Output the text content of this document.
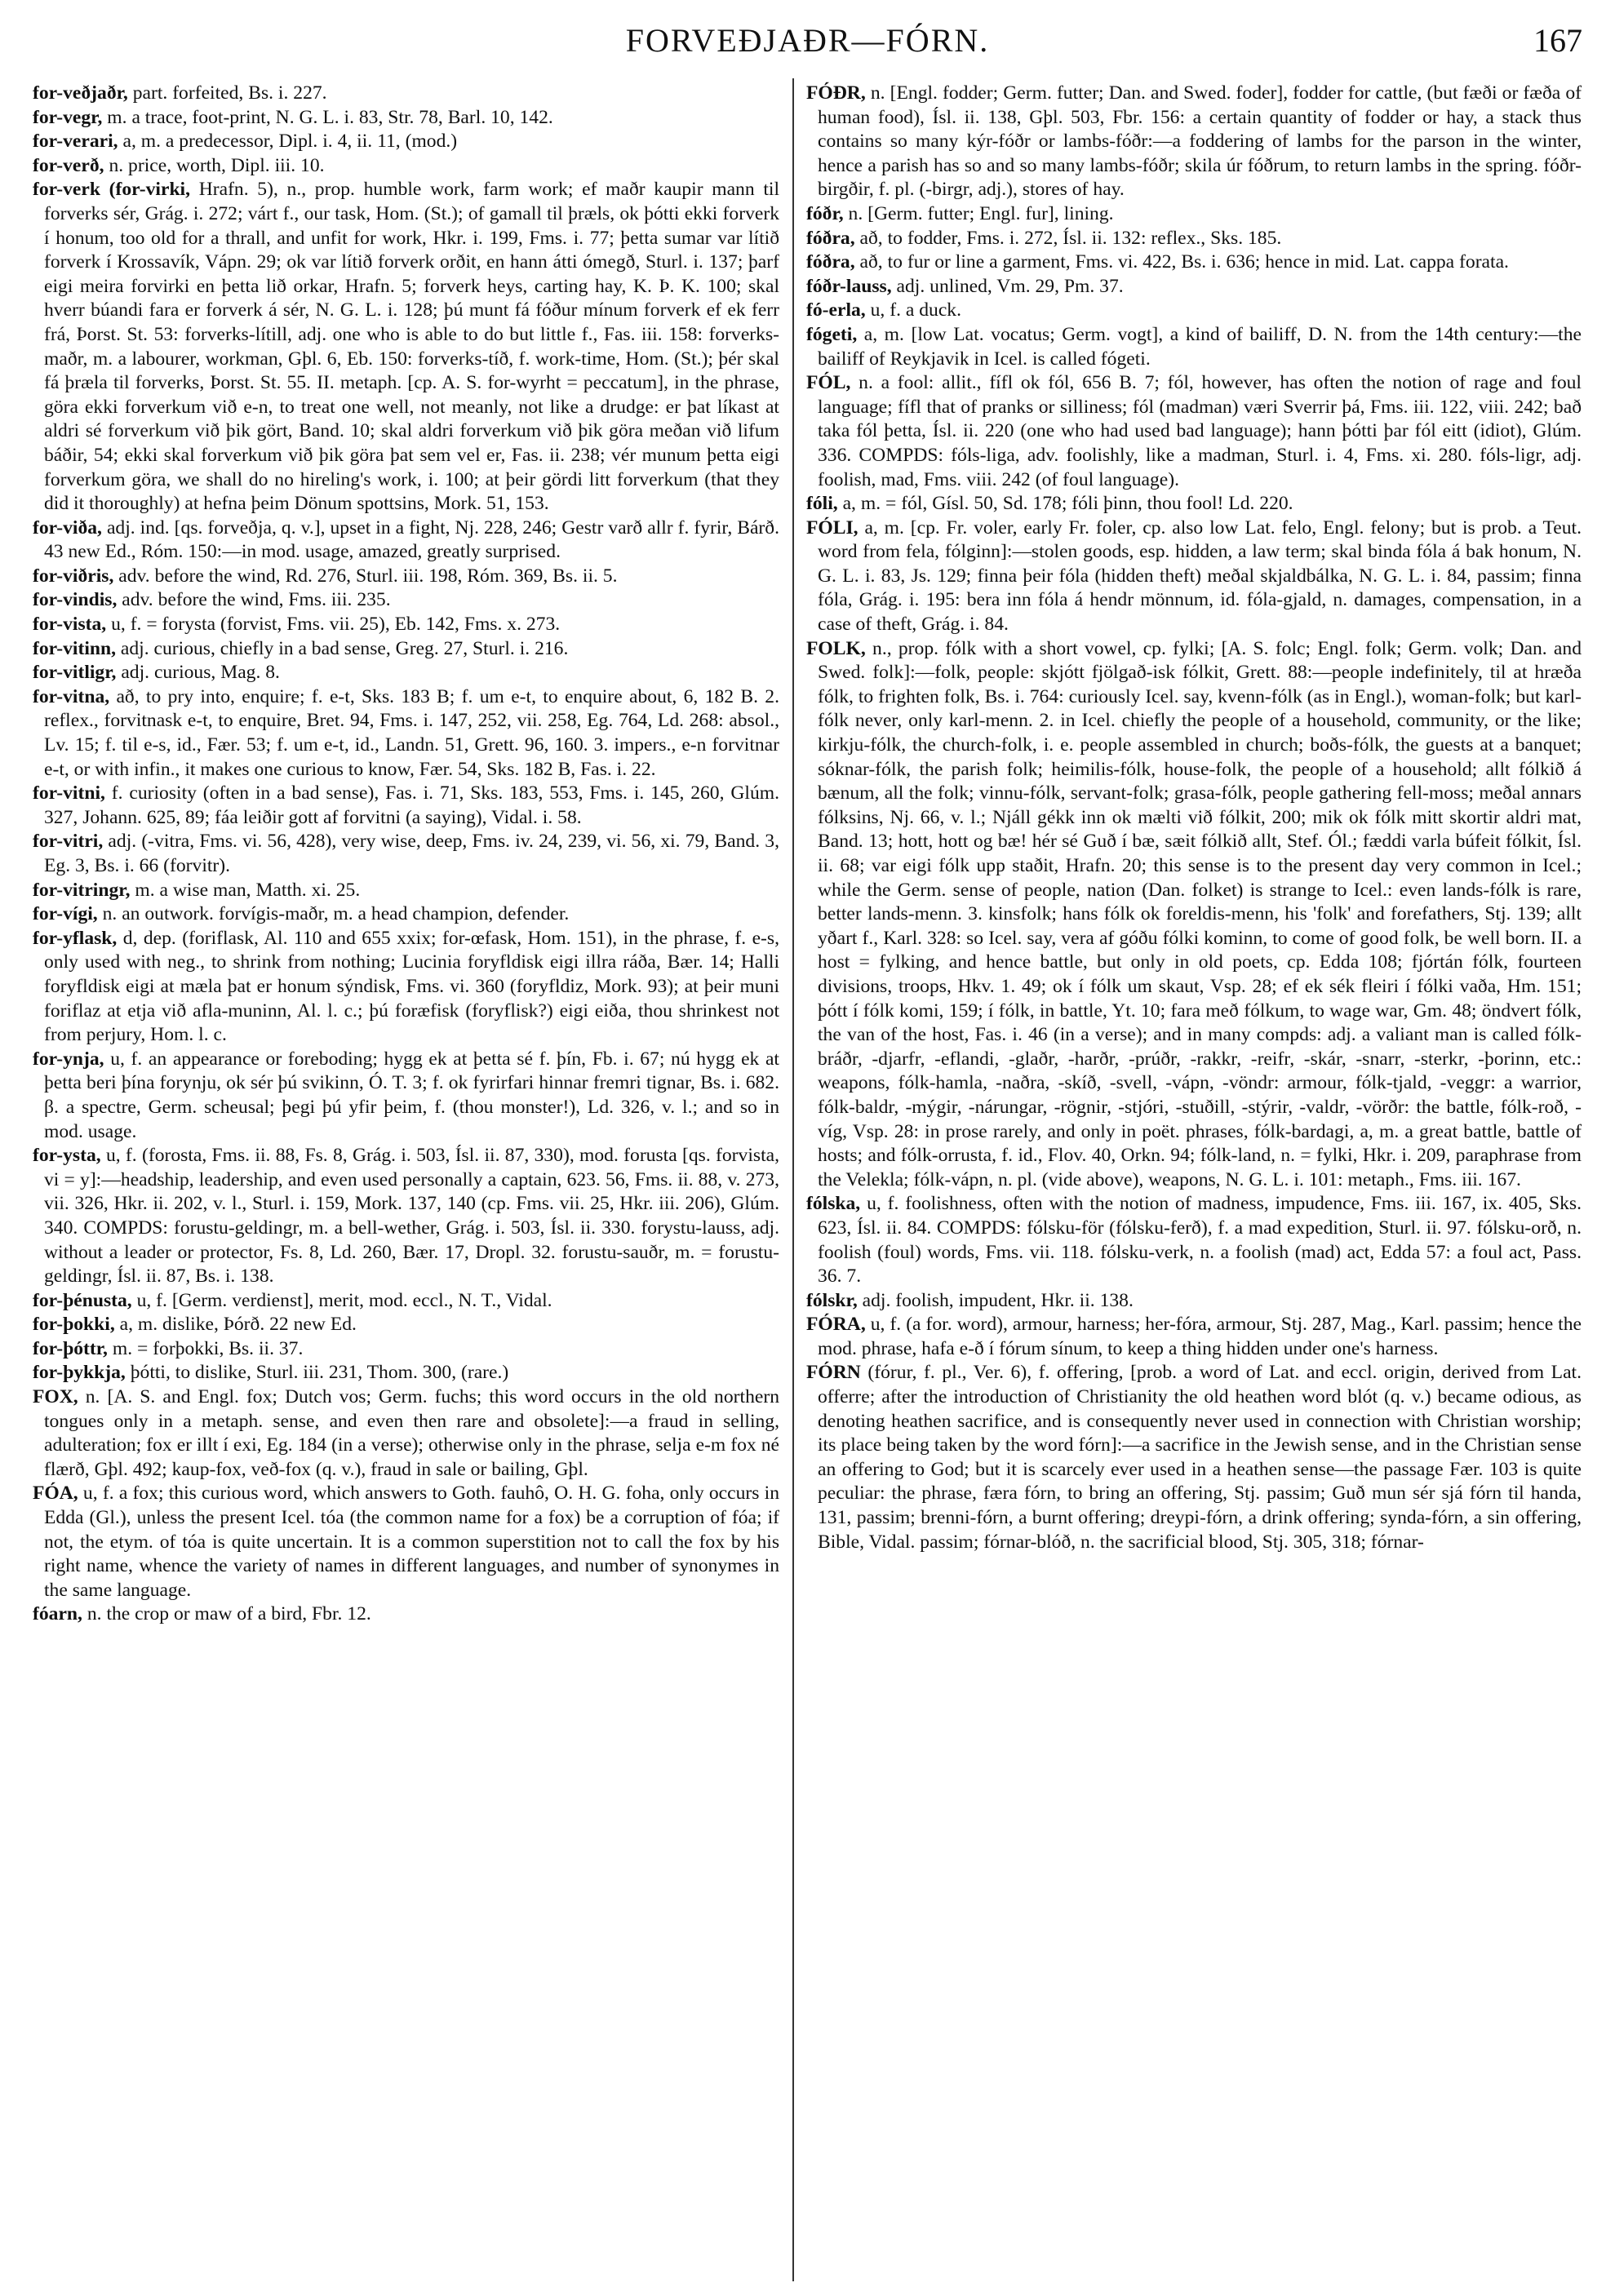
FORVEÐJAÐR—FÓRN.	167

for-veðjaðr, part. forfeited, Bs. i. 227.

for-vegr, m. a trace, foot-print, N. G. L. i. 83, Str. 78, Barl. 10, 142.

for-verari, a, m. a predecessor, Dipl. i. 4, ii. 11, (mod.)

for-verð, n. price, worth, Dipl. iii. 10.

for-verk (for-virki, Hrafn. 5), n., prop. humble work, farm work; ef maðr kaupir mann til forverks sér, Grág. i. 272; várt f., our task, Hom. (St.); of gamall til þræls, ok þótti ekki forverk í honum, too old for a thrall, and unfit for work, Hkr. i. 199, Fms. i. 77; þetta sumar var lítið forverk í Krossavík, Vápn. 29; ok var lítið forverk orðit, en hann átti ómegð, Sturl. i. 137; þarf eigi meira forvirki en þetta lið orkar, Hrafn. 5; forverk heys, carting hay, K. Þ. K. 100; skal hverr búandi fara er forverk á sér, N. G. L. i. 128; þú munt fá fóður mínum forverk ef ek ferr frá, Þorst. St. 53: forverks-lítill, adj. one who is able to do but little f., Fas. iii. 158: forverks-maðr, m. a labourer, workman, Gþl. 6, Eb. 150: forverks-tíð, f. work-time, Hom. (St.); þér skal fá þræla til forverks, Þorst. St. 55. II. metaph. [cp. A. S. for-wyrht = peccatum], in the phrase, göra ekki forverkum við e-n, to treat one well, not meanly, not like a drudge: er þat líkast at aldri sé forverkum við þik gört, Band. 10; skal aldri forverkum við þik göra meðan við lifum báðir, 54; ekki skal forverkum við þik göra þat sem vel er, Fas. ii. 238; vér munum þetta eigi forverkum göra, we shall do no hireling's work, i. 100; at þeir gördi litt forverkum (that they did it thoroughly) at hefna þeim Dönum spottsins, Mork. 51, 153.

for-viða, adj. ind. [qs. forveðja, q. v.], upset in a fight, Nj. 228, 246; Gestr varð allr f. fyrir, Bárð. 43 new Ed., Róm. 150:—in mod. usage, amazed, greatly surprised.

for-viðris, adv. before the wind, Rd. 276, Sturl. iii. 198, Róm. 369, Bs. ii. 5.

for-vindis, adv. before the wind, Fms. iii. 235.

for-vista, u, f. = forysta (forvist, Fms. vii. 25), Eb. 142, Fms. x. 273.

for-vitinn, adj. curious, chiefly in a bad sense, Greg. 27, Sturl. i. 216.

for-vitligr, adj. curious, Mag. 8.

for-vitna, að, to pry into, enquire; f. e-t, Sks. 183 B; f. um e-t, to enquire about, 6, 182 B. 2. reflex., forvitnask e-t, to enquire, Bret. 94, Fms. i. 147, 252, vii. 258, Eg. 764, Ld. 268: absol., Lv. 15; f. til e-s, id., Fær. 53; f. um e-t, id., Landn. 51, Grett. 96, 160. 3. impers., e-n forvitnar e-t, or with infin., it makes one curious to know, Fær. 54, Sks. 182 B, Fas. i. 22.

for-vitni, f. curiosity (often in a bad sense), Fas. i. 71, Sks. 183, 553, Fms. i. 145, 260, Glúm. 327, Johann. 625, 89; fáa leiðir gott af forvitni (a saying), Vidal. i. 58.

for-vitri, adj. (-vitra, Fms. vi. 56, 428), very wise, deep, Fms. iv. 24, 239, vi. 56, xi. 79, Band. 3, Eg. 3, Bs. i. 66 (forvitr).

for-vitringr, m. a wise man, Matth. xi. 25.

for-vígi, n. an outwork. forvígis-maðr, m. a head champion, defender.

for-yflask, d, dep. (foriflask, Al. 110 and 655 xxix; for-œfask, Hom. 151), in the phrase, f. e-s, only used with neg., to shrink from nothing; Lucinia foryfldisk eigi illra ráða, Bær. 14; Halli foryfldisk eigi at mæla þat er honum sýndisk, Fms. vi. 360 (foryfldiz, Mork. 93); at þeir muni foriflaz at etja við afla-muninn, Al. l. c.; þú foræfisk (foryflisk?) eigi eiða, thou shrinkest not from perjury, Hom. l. c.

for-ynja, u, f. an appearance or foreboding; hygg ek at þetta sé f. þín, Fb. i. 67; nú hygg ek at þetta beri þína forynju, ok sér þú svikinn, Ó. T. 3; f. ok fyrirfari hinnar fremri tignar, Bs. i. 682. β. a spectre, Germ. scheusal; þegi þú yfir þeim, f. (thou monster!), Ld. 326, v. l.; and so in mod. usage.

for-ysta, u, f. (forosta, Fms. ii. 88, Fs. 8, Grág. i. 503, Ísl. ii. 87, 330), mod. forusta [qs. forvista, vi = y]:—headship, leadership, and even used personally a captain, 623. 56, Fms. ii. 88, v. 273, vii. 326, Hkr. ii. 202, v. l., Sturl. i. 159, Mork. 137, 140 (cp. Fms. vii. 25, Hkr. iii. 206), Glúm. 340. COMPDS: forustu-geldingr, m. a bell-wether, Grág. i. 503, Ísl. ii. 330. forystu-lauss, adj. without a leader or protector, Fs. 8, Ld. 260, Bær. 17, Dropl. 32. forustu-sauðr, m. = forustu-geldingr, Ísl. ii. 87, Bs. i. 138.

for-þénusta, u, f. [Germ. verdienst], merit, mod. eccl., N. T., Vidal.

for-þokki, a, m. dislike, Þórð. 22 new Ed.

for-þóttr, m. = forþokki, Bs. ii. 37.

for-þykkja, þótti, to dislike, Sturl. iii. 231, Thom. 300, (rare.)

FOX, n. [A. S. and Engl. fox; Dutch vos; Germ. fuchs; this word occurs in the old northern tongues only in a metaph. sense, and even then rare and obsolete]:—a fraud in selling, adulteration; fox er illt í exi, Eg. 184 (in a verse); otherwise only in the phrase, selja e-m fox né flærð, Gþl. 492; kaup-fox, veð-fox (q. v.), fraud in sale or bailing, Gþl.

FÓA, u, f. a fox; this curious word, which answers to Goth. fauhô, O. H. G. foha, only occurs in Edda (Gl.), unless the present Icel. tóa (the common name for a fox) be a corruption of fóa; if not, the etym. of tóa is quite uncertain. It is a common superstition not to call the fox by his right name, whence the variety of names in different languages, and number of synonymes in the same language.

fóarn, n. the crop or maw of a bird, Fbr. 12.

FÓÐR, n. [Engl. fodder; Germ. futter; Dan. and Swed. foder], fodder for cattle, (but fæði or fæða of human food), Ísl. ii. 138, Gþl. 503, Fbr. 156: a certain quantity of fodder or hay, a stack thus contains so many kýr-fóðr or lambs-fóðr:—a foddering of lambs for the parson in the winter, hence a parish has so and so many lambs-fóðr; skila úr fóðrum, to return lambs in the spring. fóðr-birgðir, f. pl. (-birgr, adj.), stores of hay.

fóðr, n. [Germ. futter; Engl. fur], lining.

fóðra, að, to fodder, Fms. i. 272, Ísl. ii. 132: reflex., Sks. 185.

fóðra, að, to fur or line a garment, Fms. vi. 422, Bs. i. 636; hence in mid. Lat. cappa forata.

fóðr-lauss, adj. unlined, Vm. 29, Pm. 37.

fó-erla, u, f. a duck.

fógeti, a, m. [low Lat. vocatus; Germ. vogt], a kind of bailiff, D. N. from the 14th century:—the bailiff of Reykjavik in Icel. is called fógeti.

FÓL, n. a fool: allit., fífl ok fól, 656 B. 7; fól, however, has often the notion of rage and foul language; fífl that of pranks or silliness; fól (madman) væri Sverrir þá, Fms. iii. 122, viii. 242; bað taka fól þetta, Ísl. ii. 220 (one who had used bad language); hann þótti þar fól eitt (idiot), Glúm. 336. COMPDS: fóls-liga, adv. foolishly, like a madman, Sturl. i. 4, Fms. xi. 280. fóls-ligr, adj. foolish, mad, Fms. viii. 242 (of foul language).

fóli, a, m. = fól, Gísl. 50, Sd. 178; fóli þinn, thou fool! Ld. 220.

FÓLI, a, m. [cp. Fr. voler, early Fr. foler, cp. also low Lat. felo, Engl. felony; but is prob. a Teut. word from fela, fólginn]:—stolen goods, esp. hidden, a law term; skal binda fóla á bak honum, N. G. L. i. 83, Js. 129; finna þeir fóla (hidden theft) meðal skjaldbálka, N. G. L. i. 84, passim; finna fóla, Grág. i. 195: bera inn fóla á hendr mönnum, id. fóla-gjald, n. damages, compensation, in a case of theft, Grág. i. 84.

FOLK, n., prop. fólk with a short vowel, cp. fylki; [A. S. folc; Engl. folk; Germ. volk; Dan. and Swed. folk]:—folk, people: skjótt fjölgað-isk fólkit, Grett. 88:—people indefinitely, til at hræða fólk, to frighten folk, Bs. i. 764: curiously Icel. say, kvenn-fólk (as in Engl.), woman-folk; but karl-fólk never, only karl-menn. 2. in Icel. chiefly the people of a household, community, or the like; kirkju-fólk, the church-folk, i. e. people assembled in church; boðs-fólk, the guests at a banquet; sóknar-fólk, the parish folk; heimilis-fólk, house-folk, the people of a household; allt fólkið á bænum, all the folk; vinnu-fólk, servant-folk; grasa-fólk, people gathering fell-moss; meðal annars fólksins, Nj. 66, v. l.; Njáll gékk inn ok mælti við fólkit, 200; mik ok fólk mitt skortir aldri mat, Band. 13; hott, hott og bæ! hér sé Guð í bæ, sæit fólkið allt, Stef. Ól.; fæddi varla búfeit fólkit, Ísl. ii. 68; var eigi fólk upp staðit, Hrafn. 20; this sense is to the present day very common in Icel.; while the Germ. sense of people, nation (Dan. folket) is strange to Icel.: even lands-fólk is rare, better lands-menn. 3. kinsfolk; hans fólk ok foreldis-menn, his 'folk' and forefathers, Stj. 139; allt yðart f., Karl. 328: so Icel. say, vera af góðu fólki kominn, to come of good folk, be well born. II. a host = fylking, and hence battle, but only in old poets, cp. Edda 108; fjórtán fólk, fourteen divisions, troops, Hkv. 1. 49; ok í fólk um skaut, Vsp. 28; ef ek sék fleiri í fólki vaða, Hm. 151; þótt í fólk komi, 159; í fólk, in battle, Yt. 10; fara með fólkum, to wage war, Gm. 48; öndvert fólk, the van of the host, Fas. i. 46 (in a verse); and in many compds: adj. a valiant man is called fólk-bráðr, -djarfr, -eflandi, -glaðr, -harðr, -prúðr, -rakkr, -reifr, -skár, -snarr, -sterkr, -þorinn, etc.: weapons, fólk-hamla, -naðra, -skíð, -svell, -vápn, -vöndr: armour, fólk-tjald, -veggr: a warrior, fólk-baldr, -mýgir, -nárungar, -rögnir, -stjóri, -stuðill, -stýrir, -valdr, -vörðr: the battle, fólk-roð, -víg, Vsp. 28: in prose rarely, and only in poët. phrases, fólk-bardagi, a, m. a great battle, battle of hosts; and fólk-orrusta, f. id., Flov. 40, Orkn. 94; fólk-land, n. = fylki, Hkr. i. 209, paraphrase from the Velekla; fólk-vápn, n. pl. (vide above), weapons, N. G. L. i. 101: metaph., Fms. iii. 167.

fólska, u, f. foolishness, often with the notion of madness, impudence, Fms. iii. 167, ix. 405, Sks. 623, Ísl. ii. 84. COMPDS: fólsku-för (fólsku-ferð), f. a mad expedition, Sturl. ii. 97. fólsku-orð, n. foolish (foul) words, Fms. vii. 118. fólsku-verk, n. a foolish (mad) act, Edda 57: a foul act, Pass. 36. 7.

fólskr, adj. foolish, impudent, Hkr. ii. 138.

FÓRA, u, f. (a for. word), armour, harness; her-fóra, armour, Stj. 287, Mag., Karl. passim; hence the mod. phrase, hafa e-ð í fórum sínum, to keep a thing hidden under one's harness.

FÓRN (fórur, f. pl., Ver. 6), f. offering, [prob. a word of Lat. and eccl. origin, derived from Lat. offerre; after the introduction of Christianity the old heathen word blót (q. v.) became odious, as denoting heathen sacrifice, and is consequently never used in connection with Christian worship; its place being taken by the word fórn]:—a sacrifice in the Jewish sense, and in the Christian sense an offering to God; but it is scarcely ever used in a heathen sense—the passage Fær. 103 is quite peculiar: the phrase, færa fórn, to bring an offering, Stj. passim; Guð mun sér sjá fórn til handa, 131, passim; brenni-fórn, a burnt offering; dreypi-fórn, a drink offering; synda-fórn, a sin offering, Bible, Vidal. passim; fórnar-blóð, n. the sacrificial blood, Stj. 305, 318; fórnar-
